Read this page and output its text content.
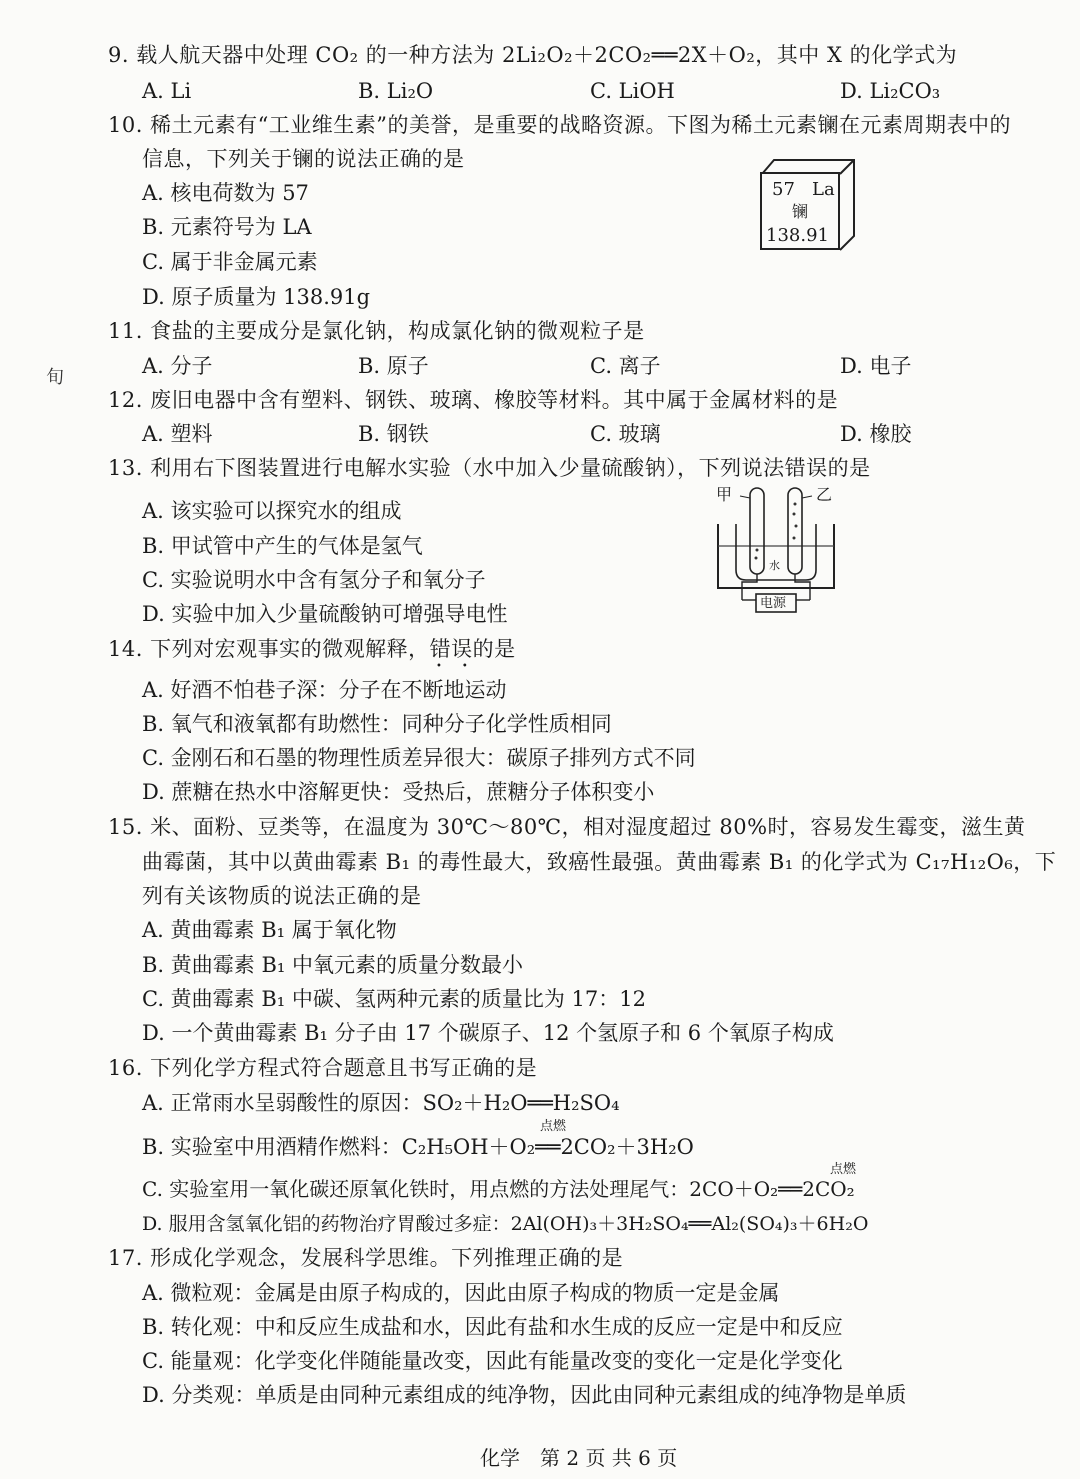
9. 载人航天器中处理 CO₂ 的一种方法为 2Li₂O₂＋2CO₂══2X＋O₂，其中 X 的化学式为
A. Li	B. Li₂O	C. LiOH	D. Li₂CO₃
10. 稀土元素有“工业维生素”的美誉，是重要的战略资源。下图为稀土元素镧在元素周期表中的
信息，下列关于镧的说法正确的是
A. 核电荷数为 57
B. 元素符号为 LA
C. 属于非金属元素
D. 原子质量为 138.91g
57 La
镧
138.91
11. 食盐的主要成分是氯化钠，构成氯化钠的微观粒子是
A. 分子	B. 原子	C. 离子	D. 电子
旬
12. 废旧电器中含有塑料、钢铁、玻璃、橡胶等材料。其中属于金属材料的是
A. 塑料	B. 钢铁	C. 玻璃	D. 橡胶
13. 利用右下图装置进行电解水实验（水中加入少量硫酸钠），下列说法错误的是
A. 该实验可以探究水的组成
B. 甲试管中产生的气体是氢气
C. 实验说明水中含有氢分子和氧分子
D. 实验中加入少量硫酸钠可增强导电性
甲	乙
水
电源
14. 下列对宏观事实的微观解释，错误的是
•　　•
A. 好酒不怕巷子深：分子在不断地运动
B. 氧气和液氧都有助燃性：同种分子化学性质相同
C. 金刚石和石墨的物理性质差异很大：碳原子排列方式不同
D. 蔗糖在热水中溶解更快：受热后，蔗糖分子体积变小
15. 米、面粉、豆类等，在温度为 30℃～80℃，相对湿度超过 80%时，容易发生霉变，滋生黄
曲霉菌，其中以黄曲霉素 B₁ 的毒性最大，致癌性最强。黄曲霉素 B₁ 的化学式为 C₁₇H₁₂O₆，下
列有关该物质的说法正确的是
A. 黄曲霉素 B₁ 属于氧化物
B. 黄曲霉素 B₁ 中氧元素的质量分数最小
C. 黄曲霉素 B₁ 中碳、氢两种元素的质量比为 17：12
D. 一个黄曲霉素 B₁ 分子由 17 个碳原子、12 个氢原子和 6 个氧原子构成
16. 下列化学方程式符合题意且书写正确的是
A. 正常雨水呈弱酸性的原因：SO₂＋H₂O══H₂SO₄
点燃
B. 实验室中用酒精作燃料：C₂H₅OH＋O₂══2CO₂＋3H₂O
点燃
C. 实验室用一氧化碳还原氧化铁时，用点燃的方法处理尾气：2CO＋O₂══2CO₂
D. 服用含氢氧化铝的药物治疗胃酸过多症：2Al(OH)₃＋3H₂SO₄══Al₂(SO₄)₃＋6H₂O
17. 形成化学观念，发展科学思维。下列推理正确的是
A. 微粒观：金属是由原子构成的，因此由原子构成的物质一定是金属
B. 转化观：中和反应生成盐和水，因此有盐和水生成的反应一定是中和反应
C. 能量观：化学变化伴随能量改变，因此有能量改变的变化一定是化学变化
D. 分类观：单质是由同种元素组成的纯净物，因此由同种元素组成的纯净物是单质
化学　第 2 页 共 6 页
